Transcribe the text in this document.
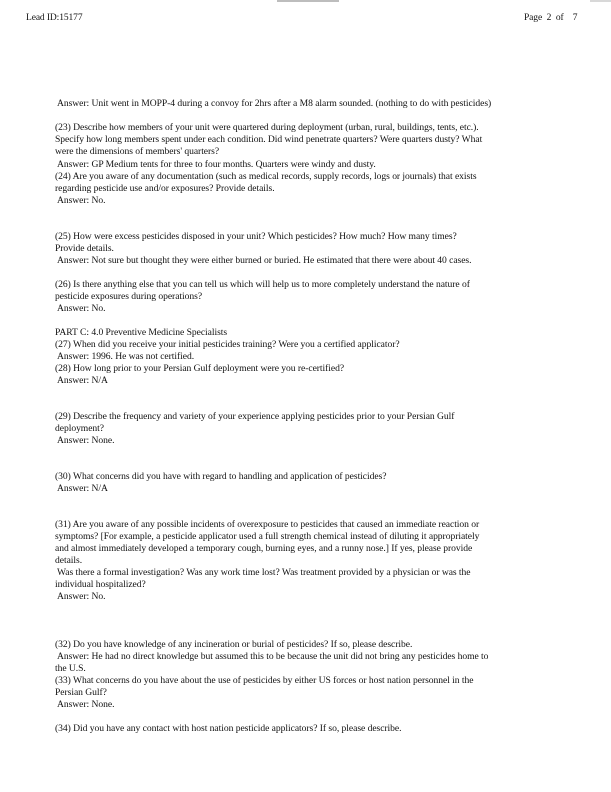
Lead ID:15177	Page 2 of 7
Answer: Unit went in MOPP-4 during a convoy for 2hrs after a M8 alarm sounded. (nothing to do with pesticides)
(23) Describe how members of your unit were quartered during deployment (urban, rural, buildings, tents, etc.).
Specify how long members spent under each condition. Did wind penetrate quarters? Were quarters dusty? What
were the dimensions of members' quarters?
Answer: GP Medium tents for three to four months. Quarters were windy and dusty.
(24) Are you aware of any documentation (such as medical records, supply records, logs or journals) that exists
regarding pesticide use and/or exposures? Provide details.
Answer: No.
(25) How were excess pesticides disposed in your unit? Which pesticides? How much? How many times?
Provide details.
Answer: Not sure but thought they were either burned or buried. He estimated that there were about 40 cases.
(26) Is there anything else that you can tell us which will help us to more completely understand the nature of
pesticide exposures during operations?
Answer: No.
PART C: 4.0 Preventive Medicine Specialists
(27) When did you receive your initial pesticides training? Were you a certified applicator?
Answer: 1996. He was not certified.
(28) How long prior to your Persian Gulf deployment were you re-certified?
Answer: N/A
(29) Describe the frequency and variety of your experience applying pesticides prior to your Persian Gulf
deployment?
Answer: None.
(30) What concerns did you have with regard to handling and application of pesticides?
Answer: N/A
(31) Are you aware of any possible incidents of overexposure to pesticides that caused an immediate reaction or
symptoms? [For example, a pesticide applicator used a full strength chemical instead of diluting it appropriately
and almost immediately developed a temporary cough, burning eyes, and a runny nose.] If yes, please provide
details.
Was there a formal investigation? Was any work time lost? Was treatment provided by a physician or was the
individual hospitalized?
Answer: No.
(32) Do you have knowledge of any incineration or burial of pesticides? If so, please describe.
Answer: He had no direct knowledge but assumed this to be because the unit did not bring any pesticides home to
the U.S.
(33) What concerns do you have about the use of pesticides by either US forces or host nation personnel in the
Persian Gulf?
Answer: None.
(34) Did you have any contact with host nation pesticide applicators? If so, please describe.
